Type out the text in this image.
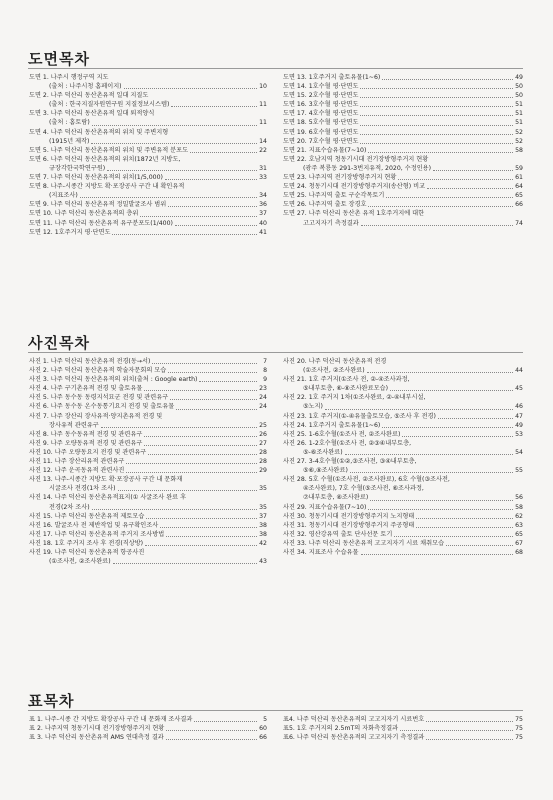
도면목차
도면 1. 나주시 행정구역 지도
(출처 : 나주시청 홈페이지)	10
도면 2. 나주 덕산리 동산촌유적 일대 지질도
(출처 : 한국지질자원연구원 지질정보시스템)	11
도면 3. 나주 덕산리 동산촌유적 일대 퇴적양식
(출처 : 홈토람)	11
도면 4. 나주 덕산리 동산촌유적의 위치 및 주변지형
(1915년 제작)	14
도면 5. 나주 덕산리 동산촌유적의 위치 및 주변유적 분포도	22
도면 6. 나주 덕산리 동산촌유적의 위치(1872년 지방도,
규장각한국학연구원)	31
도면 7. 나주 덕산리 동산촌유적의 위치(1/5,000)	33
도면 8. 나주-시종간 지방도 확·포장공사 구간 내 확인유적
(지표조사)	34
도면 9. 나주 덕산리 동산촌유적 정밀발굴조사 범위	36
도면 10. 나주 덕산리 동산촌유적의 층위	37
도면 11. 나주 덕산리 동산촌유적 유구분포도(1/400)	40
도면 12. 1호주거지 평·단면도	41
도면 13. 1호주거지 출토유물(1~6)	49
도면 14. 1호수혈 평·단면도	50
도면 15. 2호수혈 평·단면도	50
도면 16. 3호수혈 평·단면도	51
도면 17. 4호수혈 평·단면도	51
도면 18. 5호수혈 평·단면도	51
도면 19. 6호수혈 평·단면도	52
도면 20. 7호수혈 평·단면도	52
도면 21. 지표수습유물(7~10)	58
도면 22. 호남지역 청동기시대 전기장방형주거지 현황
(광주 복룡동 291-3번지유적, 2020, 수정인용)	59
도면 23. 나주지역 전기장방형주거지 현황	61
도면 24. 청동기시대 전기장방형주거지(송산형) 비교	64
도면 25. 나주지역 출토 구순각목토기	65
도면 26. 나주지역 출토 장경호	66
도면 27. 나주 덕산리 동산촌 유적 1호주거지에 대한
고고지자기 측정결과	74
사진목차
사진 1. 나주 덕산리 동산촌유적 전경(동→서)	7
사진 2. 나주 덕산리 동산촌유적 학술자문회의 모습	8
사진 3. 나주 덕산리 동산촌유적의 위치(출처 : Google earth)	9
사진 4. 나주 구기촌유적 전경 및 출토유물	23
사진 5. 나주 동수동 동령지석묘군 전경 및 관련유구	24
사진 6. 나주 동수동 온수동통기요지 전경 및 출토유물	24
사진 7. 나주 장산리 장사유적·양지촌유적 전경 및
장사유적 관련유구	25
사진 8. 나주 동수동유적 전경 및 관련유구	26
사진 9. 나주 오량동유적 전경 및 관련유구	27
사진 10. 나주 오량동요지 전경 및 관련유구	28
사진 11. 나주 장산리유적 관련유구	28
사진 12. 나주 운곡동유적 관련사진	29
사진 13. 나주-시종간 지방도 확·포장공사 구간 내 문화재
시굴조사 전경(1차 조사)	35
사진 14. 나주 덕산리 동산촌유적표지(① 사굴조사 완료 후
전경(2차 조사)	35
사진 15. 나주 덕산리 동산촌유적 제토모습	37
사진 16. 발굴조사 전 제반작업 및 유구확인조사	38
사진 17. 나주 덕산리 동산촌유적 주거지 조사방법	38
사진 18. 1호 주거지 조사 후 전경(직상방)	42
사진 19. 나주 덕산리 동산촌유적 항공사진
(①조사전, ②조사완료)	43
사진 20. 나주 덕산리 동산촌유적 전경
(①조사전, ②조사완료)	44
사진 21. 1호 주거지(①조사 전, ②-④조사과정,
⑤내부토층, ⑥-⑧조사완료모습)	45
사진 22. 1호 주거지 1차(①조사완료, ②-④내부시설,
⑤노지)	46
사진 23. 1호 주거지(①-④유물출토모습, ⑤조사 후 전경)	47
사진 24. 1호주거지 출토유물(1~6)	49
사진 25. 1-6호수혈(①조사 전, ②조사완료)	53
사진 26. 1-2호수혈(①조사 전, ②③④내부토층,
⑤-⑥조사완료)	54
사진 27. 3-4호수혈(①②,③조사전, ③④내부토층,
⑤⑥,⑧조사완료)	55
사진 28. 5호 수혈(①조사전, ②조사완료), 6호 수혈(③조사전,
④조사완료), 7호 수혈(⑤조사전, ⑥조사과정,
⑦내부토층, ⑧조사완료)	56
사진 29. 지표수습유물(7~10)	58
사진 30. 청동기시대 전기장방형주거지 노지형태	62
사진 31. 청동기시대 전기장방형주거지 주공형태	63
사진 32. 영산강유역 출토 단사선문 토기	65
사진 33. 나주 덕산리 동산촌유적 고고지자기 시료 채취모습	67
사진 34. 지표조사 수습유물	68
표목차
표 1. 나주-시종 간 지방도 확장공사 구간 내 문화재 조사결과	5
표 2. 나주지역 청동기시대 전기장방형주거지 현황	60
표 3. 나주 덕산리 동산촌유적 AMS 연대측정 결과	66
표4. 나주 덕산리 동산촌유적의 고고지자기 시료번호	75
표5. 1호 주거지의 2.5mT의 자화측정결과	75
표6. 나주 덕산리 동산촌유적의 고고지자기 측정결과	75
